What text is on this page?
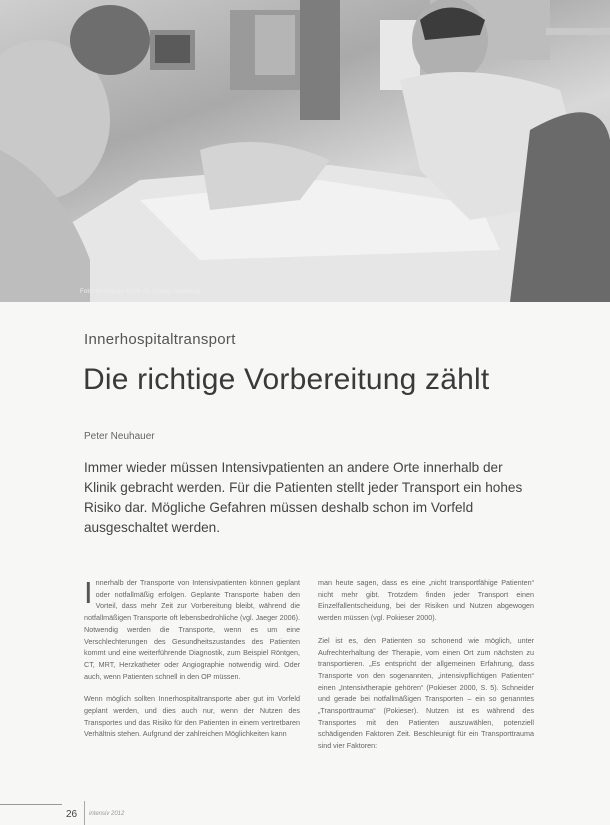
Foto: Asklepios Klinik St. Georg, Hamburg
Innerhospitaltransport
Die richtige Vorbereitung zählt
Peter Neuhauer

Immer wieder müssen Intensivpatienten an andere Orte innerhalb der Klinik gebracht werden. Für die Patienten stellt jeder Transport ein hohes Risiko dar. Mögliche Gefahren müssen deshalb schon im Vorfeld ausgeschaltet werden.

Innerhalb der Transporte von Intensivpatienten können geplant oder notfallmäßig erfolgen. Geplante Transporte haben den Vorteil, dass mehr Zeit zur Vorbereitung bleibt, während die notfallmäßigen Transporte oft lebensbedrohliche (vgl. Jaeger 2006). Notwendig werden die Transporte, wenn es um eine Verschlechterungen des Gesundheitszustandes des Patienten kommt und eine weiterführende Diagnostik, zum Beispiel Röntgen, CT, MRT, Herzkatheter oder Angiographie notwendig wird. Oder auch, wenn Patienten schnell in den OP müssen.

Wenn möglich sollten Innerhospitaltransporte aber gut im Vorfeld geplant werden, und dies auch nur, wenn der Nutzen des Transportes und das Risiko für den Patienten in einem vertretbaren Verhältnis stehen. Aufgrund der zahlreichen Möglichkeiten kann

man heute sagen, dass es eine „nicht transportfähige Patienten“ nicht mehr gibt. Trotzdem finden jeder Transport einen Einzelfallentscheidung, bei der Risiken und Nutzen abgewogen werden müssen (vgl. Pokieser 2000).

Ziel ist es, den Patienten so schonend wie möglich, unter Aufrechterhaltung der Therapie, vom einen Ort zum nächsten zu transportieren. „Es entspricht der allgemeinen Erfahrung, dass Transporte von den sogenannten, „intensivpflichtigen Patienten“ einen „Intensivtherapie gehören“ (Pokieser 2000, S. 5). Schneider und gerade bei notfallmäßigen Transporten – ein so genanntes „Transporttrauma“ (Pokieser). Nutzen ist es während des Transportes mit den Patienten auszuwählen, potenziell schädigenden Faktoren Zeit. Beschleunigt für ein Transporttrauma sind vier Faktoren:

26 intensiv 2012
